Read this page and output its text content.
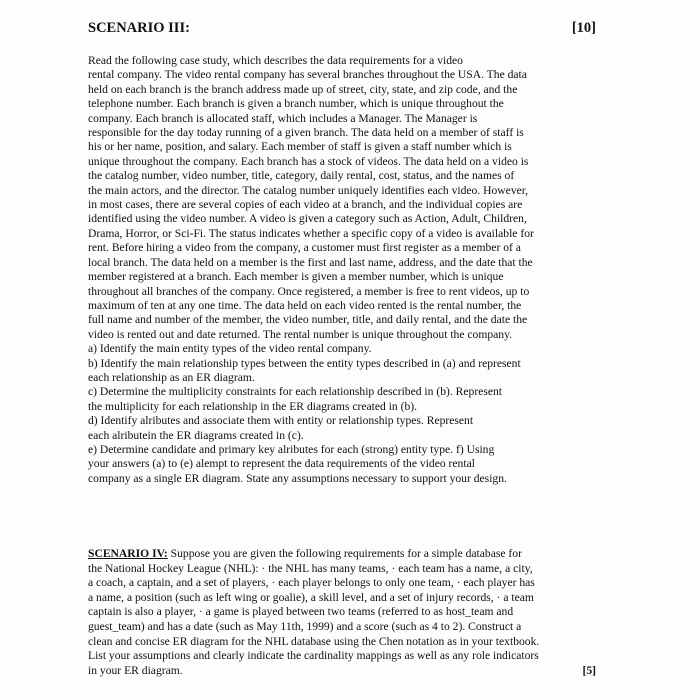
SCENARIO III:	[10]
Read the following case study, which describes the data requirements for a video
rental company. The video rental company has several branches throughout the USA. The data
held on each branch is the branch address made up of street, city, state, and zip code, and the
telephone number. Each branch is given a branch number, which is unique throughout the
company. Each branch is allocated staff, which includes a Manager. The Manager is
responsible for the day today running of a given branch. The data held on a member of staff is
his or her name, position, and salary. Each member of staff is given a staff number which is
unique throughout the company. Each branch has a stock of videos. The data held on a video is
the catalog number, video number, title, category, daily rental, cost, status, and the names of
the main actors, and the director. The catalog number uniquely identifies each video. However,
in most cases, there are several copies of each video at a branch, and the individual copies are
identified using the video number. A video is given a category such as Action, Adult, Children,
Drama, Horror, or Sci-Fi. The status indicates whether a specific copy of a video is available for
rent. Before hiring a video from the company, a customer must first register as a member of a
local branch. The data held on a member is the first and last name, address, and the date that the
member registered at a branch. Each member is given a member number, which is unique
throughout all branches of the company. Once registered, a member is free to rent videos, up to
maximum of ten at any one time. The data held on each video rented is the rental number, the
full name and number of the member, the video number, title, and daily rental, and the date the
video is rented out and date returned. The rental number is unique throughout the company.
a) Identify the main entity types of the video rental company.
b) Identify the main relationship types between the entity types described in (a) and represent
each relationship as an ER diagram.
c) Determine the multiplicity constraints for each relationship described in (b). Represent
the multiplicity for each relationship in the ER diagrams created in (b).
d) Identify alributes and associate them with entity or relationship types. Represent
each alributein the ER diagrams created in (c).
e) Determine candidate and primary key alributes for each (strong) entity type. f) Using
your answers (a) to (e) alempt to represent the data requirements of the video rental
company as a single ER diagram. State any assumptions necessary to support your design.
SCENARIO IV: Suppose you are given the following requirements for a simple database for
the National Hockey League (NHL): · the NHL has many teams, · each team has a name, a city,
a coach, a captain, and a set of players, · each player belongs to only one team, · each player has
a name, a position (such as left wing or goalie), a skill level, and a set of injury records, · a team
captain is also a player, · a game is played between two teams (referred to as host_team and
guest_team) and has a date (such as May 11th, 1999) and a score (such as 4 to 2). Construct a
clean and concise ER diagram for the NHL database using the Chen notation as in your textbook.
List your assumptions and clearly indicate the cardinality mappings as well as any role indicators
in your ER diagram.	[5]
